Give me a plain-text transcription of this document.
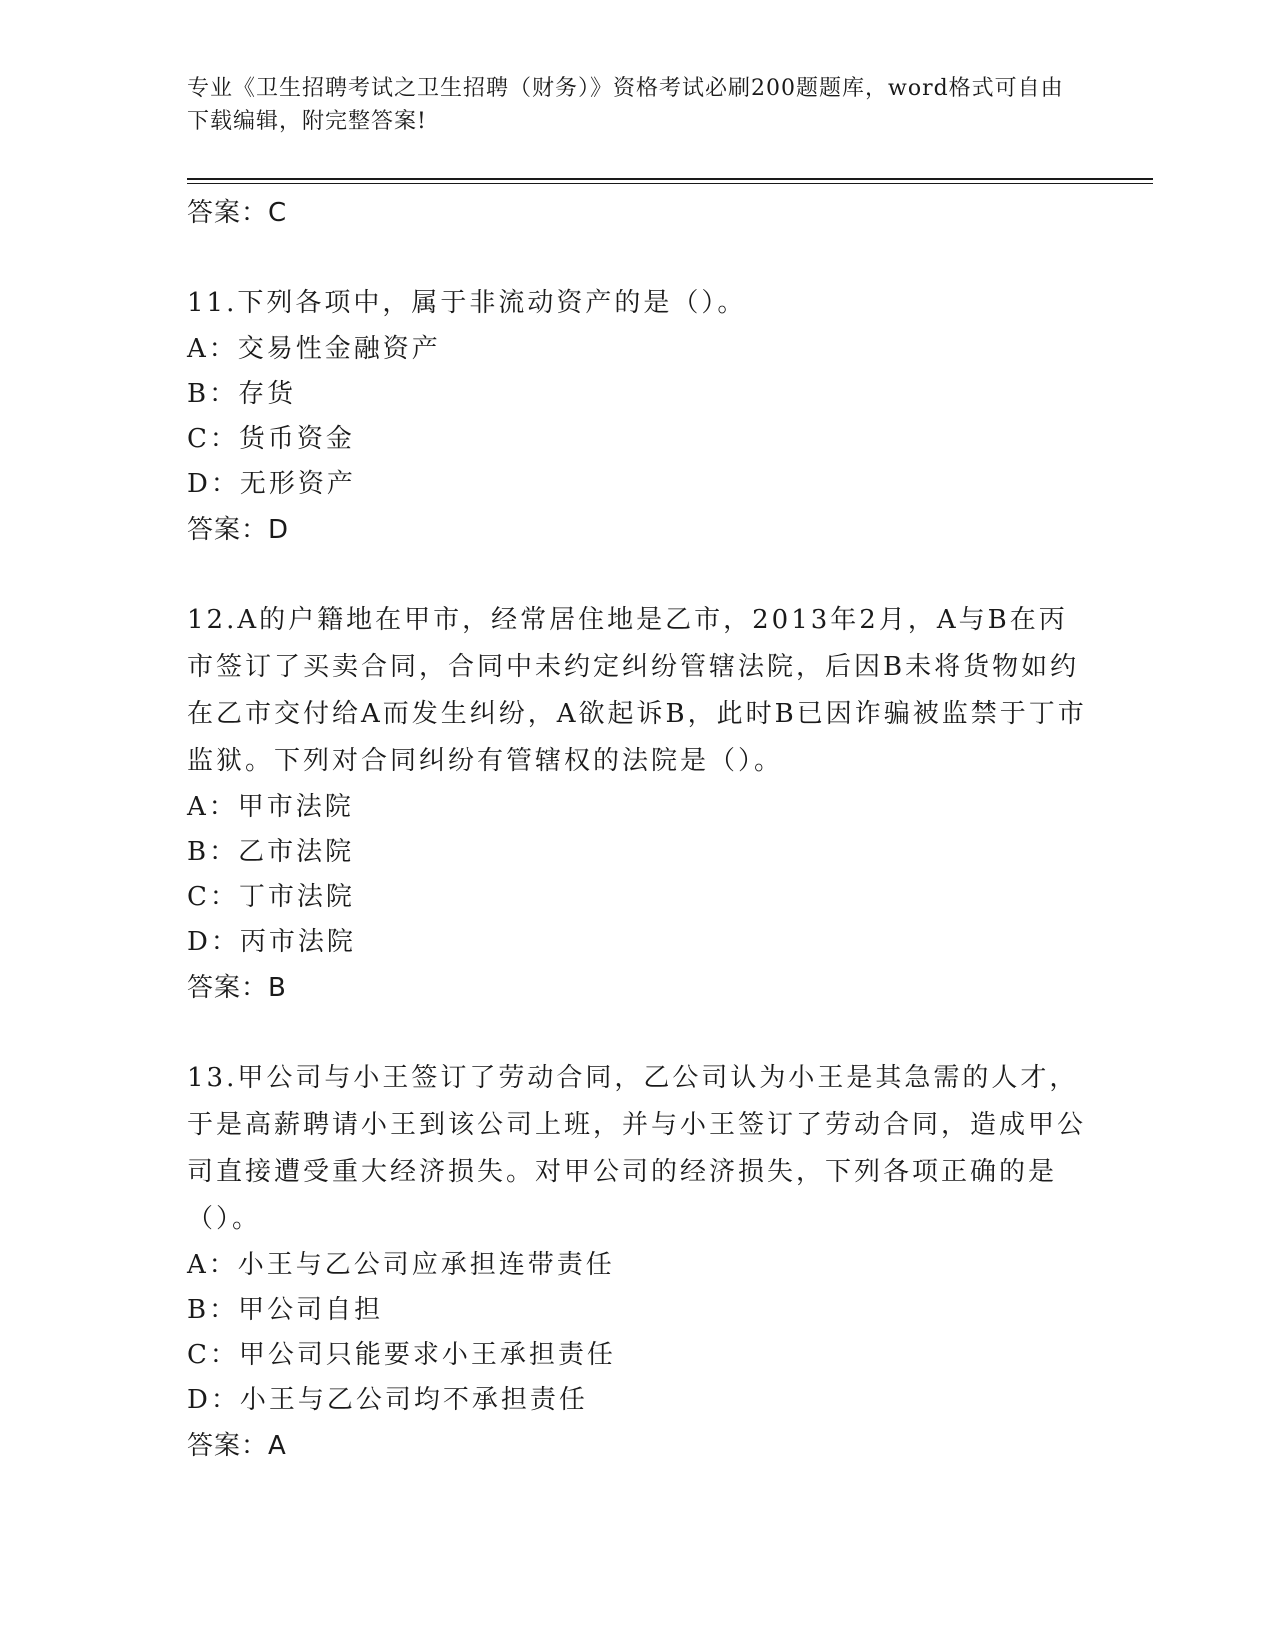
专业《卫生招聘考试之卫生招聘（财务）》资格考试必刷200题题库，word格式可自由下载编辑，附完整答案!
答案：C

11.下列各项中，属于非流动资产的是（）。

A：交易性金融资产
B：存货
C：货币资金
D：无形资产
答案：D

12.A的户籍地在甲市，经常居住地是乙市，2013年2月，A与B在丙市签订了买卖合同，合同中未约定纠纷管辖法院，后因B未将货物如约在乙市交付给A而发生纠纷，A欲起诉B，此时B已因诈骗被监禁于丁市监狱。下列对合同纠纷有管辖权的法院是（）。

A：甲市法院
B：乙市法院
C：丁市法院
D：丙市法院
答案：B

13.甲公司与小王签订了劳动合同，乙公司认为小王是其急需的人才，于是高薪聘请小王到该公司上班，并与小王签订了劳动合同，造成甲公司直接遭受重大经济损失。对甲公司的经济损失，下列各项正确的是（）。

A：小王与乙公司应承担连带责任
B：甲公司自担
C：甲公司只能要求小王承担责任
D：小王与乙公司均不承担责任
答案：A
